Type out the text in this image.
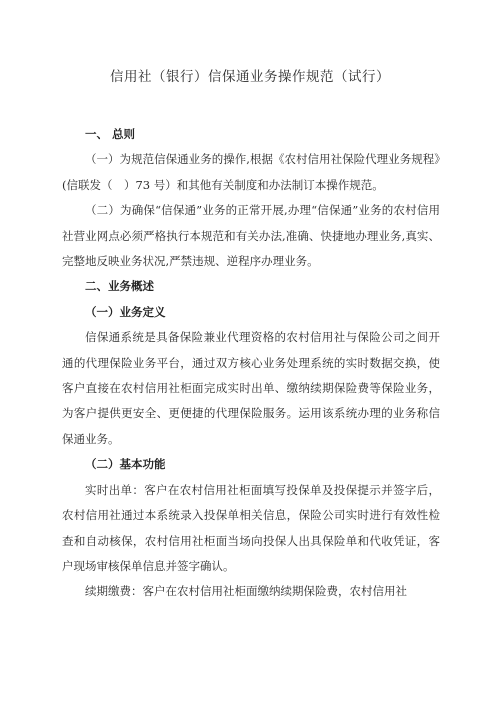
信用社（银行）信保通业务操作规范（试行）

一、 总则

（一）为规范信保通业务的操作,根据《农村信用社保险代理业务规程》(信联发（　）73 号）和其他有关制度和办法制订本操作规范。

（二）为确保“信保通”业务的正常开展,办理“信保通”业务的农村信用社营业网点必须严格执行本规范和有关办法,准确、快捷地办理业务,真实、完整地反映业务状况,严禁违规、逆程序办理业务。

二、业务概述

（一）业务定义

信保通系统是具备保险兼业代理资格的农村信用社与保险公司之间开通的代理保险业务平台，通过双方核心业务处理系统的实时数据交换，使客户直接在农村信用社柜面完成实时出单、缴纳续期保险费等保险业务，为客户提供更安全、更便捷的代理保险服务。运用该系统办理的业务称信保通业务。

（二）基本功能

实时出单：客户在农村信用社柜面填写投保单及投保提示并签字后，农村信用社通过本系统录入投保单相关信息，保险公司实时进行有效性检查和自动核保，农村信用社柜面当场向投保人出具保险单和代收凭证，客户现场审核保单信息并签字确认。

续期缴费：客户在农村信用社柜面缴纳续期保险费，农村信用社
